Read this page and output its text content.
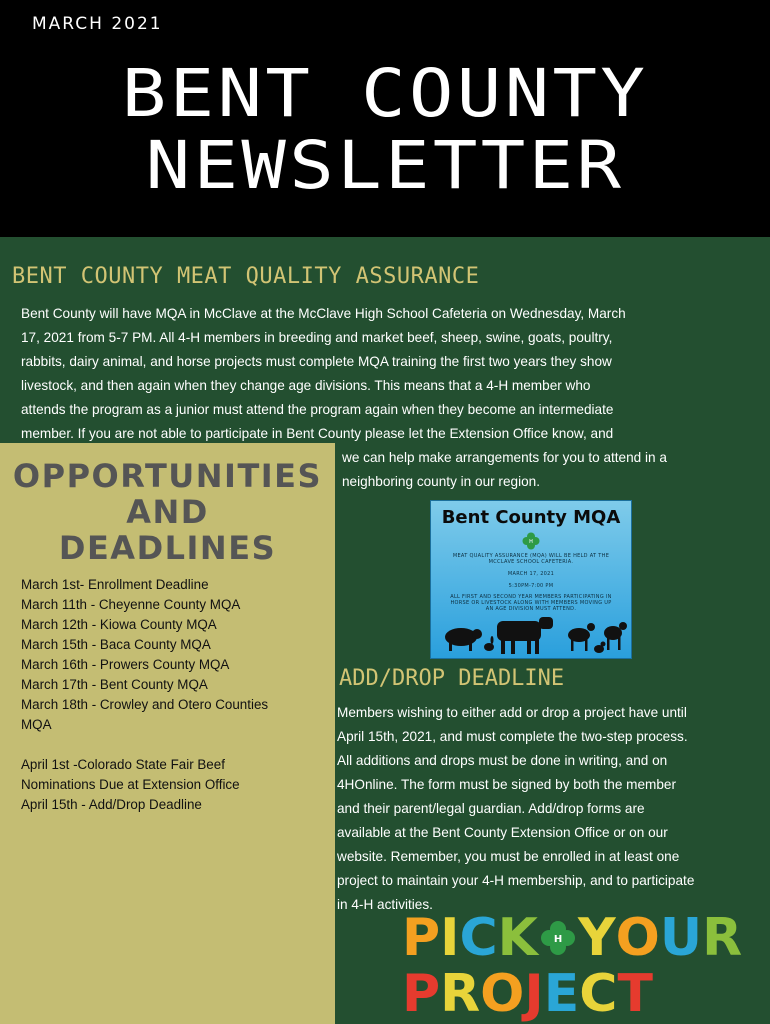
MARCH 2021
BENT COUNTY
NEWSLETTER
BENT COUNTY MEAT QUALITY ASSURANCE
Bent County will have MQA in McClave at the McClave High School Cafeteria on Wednesday, March
17, 2021 from 5-7 PM. All 4-H members in breeding and market beef, sheep, swine, goats, poultry,
rabbits, dairy animal, and horse projects must complete MQA training the first two years they show
livestock, and then again when they change age divisions. This means that a 4-H member who
attends the program as a junior must attend the program again when they become an intermediate
member. If you are not able to participate in Bent County please let the Extension Office know, and
we can help make arrangements for you to attend in a
neighboring county in our region.
OPPORTUNITIES
AND
DEADLINES
March 1st- Enrollment Deadline
March 11th - Cheyenne County MQA
March 12th - Kiowa County MQA
March 15th - Baca County MQA
March 16th - Prowers County MQA
March 17th - Bent County MQA
March 18th - Crowley and Otero Counties
MQA
April 1st -Colorado State Fair Beef
Nominations Due at Extension Office
April 15th - Add/Drop Deadline
Bent County MQA
H
MEAT QUALITY ASSURANCE (MQA) WILL BE HELD AT THE
MCCLAVE SCHOOL CAFETERIA.
MARCH 17, 2021
5:30PM-7:00 PM
ALL FIRST AND SECOND YEAR MEMBERS PARTICIPATING IN
HORSE OR LIVESTOCK ALONG WITH MEMBERS MOVING UP
AN AGE DIVISION MUST ATTEND.
ADD/DROP DEADLINE
Members wishing to either add or drop a project have until
April 15th, 2021, and must complete the two-step process.
All additions and drops must be done in writing, and on
4HOnline. The form must be signed by both the member
and their parent/legal guardian. Add/drop forms are
available at the Bent County Extension Office or on our
website. Remember, you must be enrolled in at least one
project to maintain your 4-H membership, and to participate
in 4-H activities.
P I C K H Y O U R
P R O J E C T
